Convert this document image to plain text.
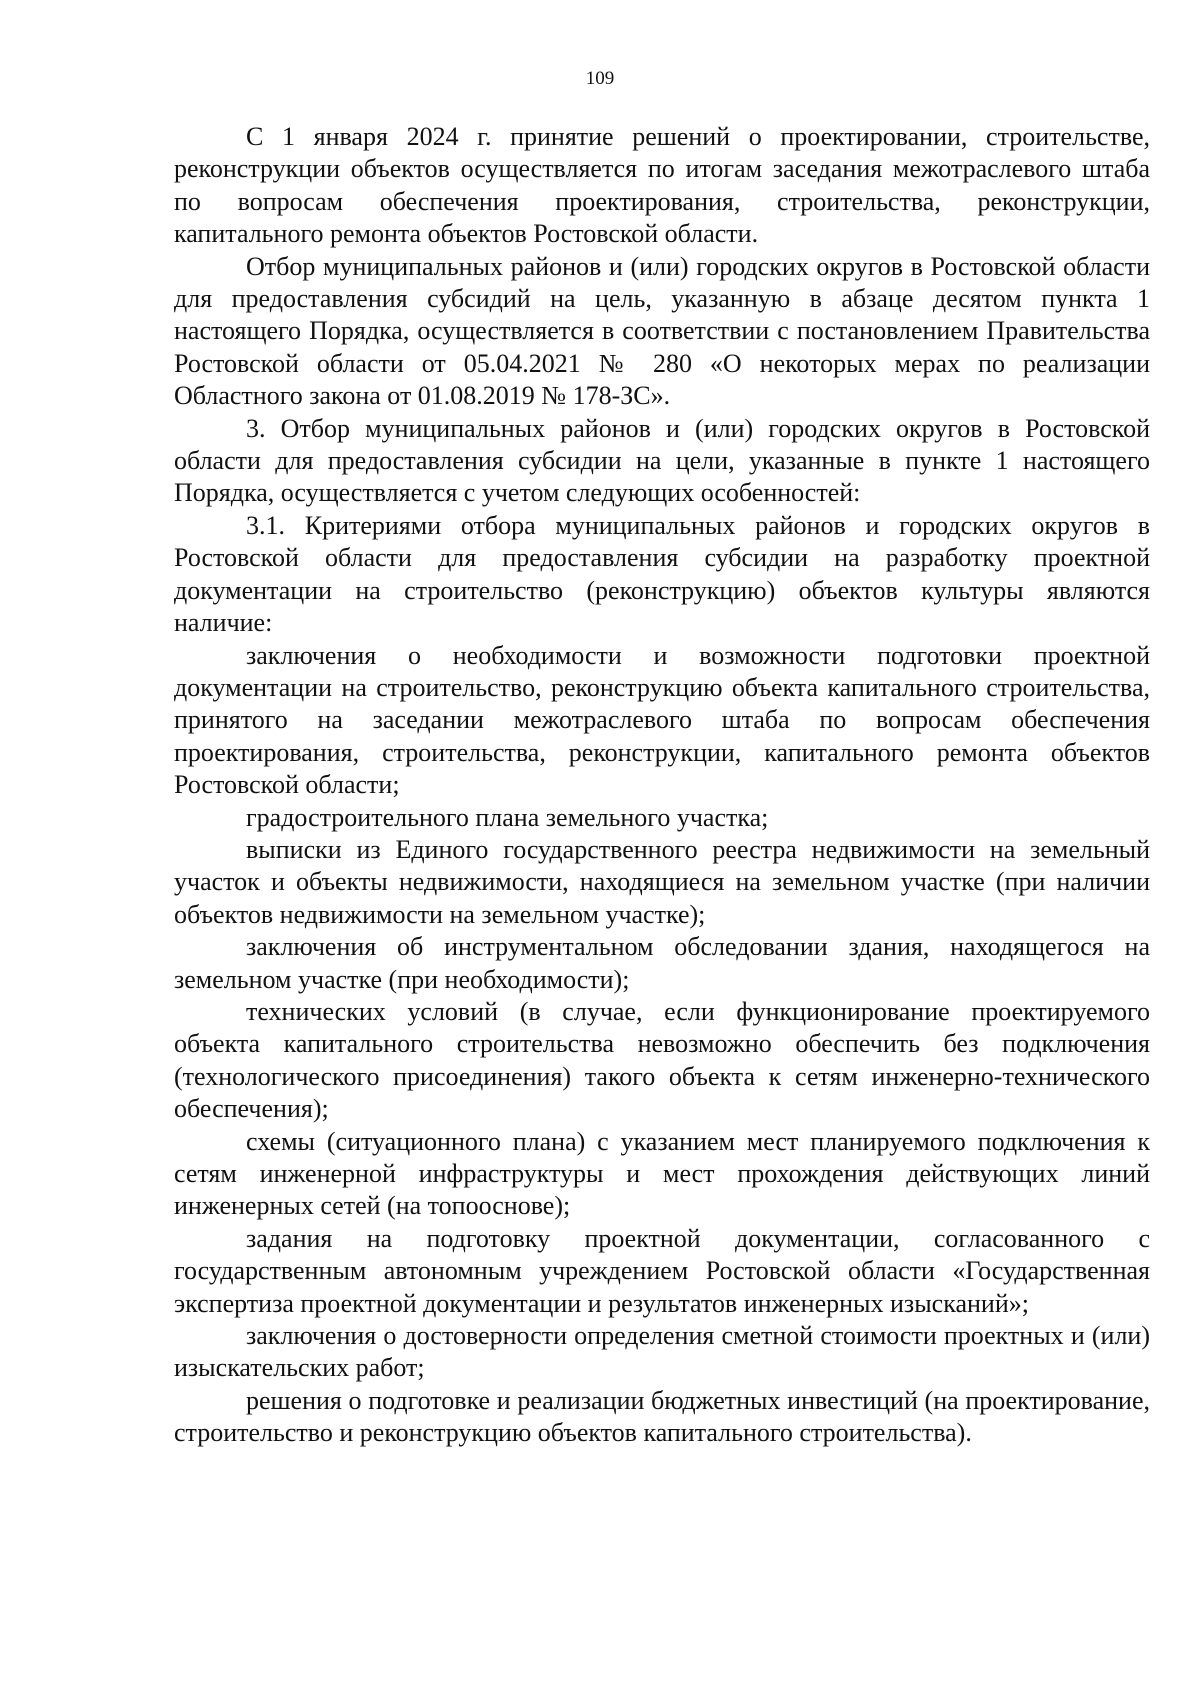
109

С 1 января 2024 г. принятие решений о проектировании, строительстве, реконструкции объектов осуществляется по итогам заседания межотраслевого штаба по вопросам обеспечения проектирования, строительства, реконструкции, капитального ремонта объектов Ростовской области.

Отбор муниципальных районов и (или) городских округов в Ростовской области для предоставления субсидий на цель, указанную в абзаце десятом пункта 1 настоящего Порядка, осуществляется в соответствии с постановлением Правительства Ростовской области от 05.04.2021 № 280 «О некоторых мерах по реализации Областного закона от 01.08.2019 № 178-ЗС».

3. Отбор муниципальных районов и (или) городских округов в Ростовской области для предоставления субсидии на цели, указанные в пункте 1 настоящего Порядка, осуществляется с учетом следующих особенностей:

3.1. Критериями отбора муниципальных районов и городских округов в Ростовской области для предоставления субсидии на разработку проектной документации на строительство (реконструкцию) объектов культуры являются наличие:

заключения о необходимости и возможности подготовки проектной документации на строительство, реконструкцию объекта капитального строительства, принятого на заседании межотраслевого штаба по вопросам обеспечения проектирования, строительства, реконструкции, капитального ремонта объектов Ростовской области;

градостроительного плана земельного участка;

выписки из Единого государственного реестра недвижимости на земельный участок и объекты недвижимости, находящиеся на земельном участке (при наличии объектов недвижимости на земельном участке);

заключения об инструментальном обследовании здания, находящегося на земельном участке (при необходимости);

технических условий (в случае, если функционирование проектируемого объекта капитального строительства невозможно обеспечить без подключения (технологического присоединения) такого объекта к сетям инженерно-технического обеспечения);

схемы (ситуационного плана) с указанием мест планируемого подключения к сетям инженерной инфраструктуры и мест прохождения действующих линий инженерных сетей (на топооснове);

задания на подготовку проектной документации, согласованного с государственным автономным учреждением Ростовской области «Государственная экспертиза проектной документации и результатов инженерных изысканий»;

заключения о достоверности определения сметной стоимости проектных и (или) изыскательских работ;

решения о подготовке и реализации бюджетных инвестиций (на проектирование, строительство и реконструкцию объектов капитального строительства).
